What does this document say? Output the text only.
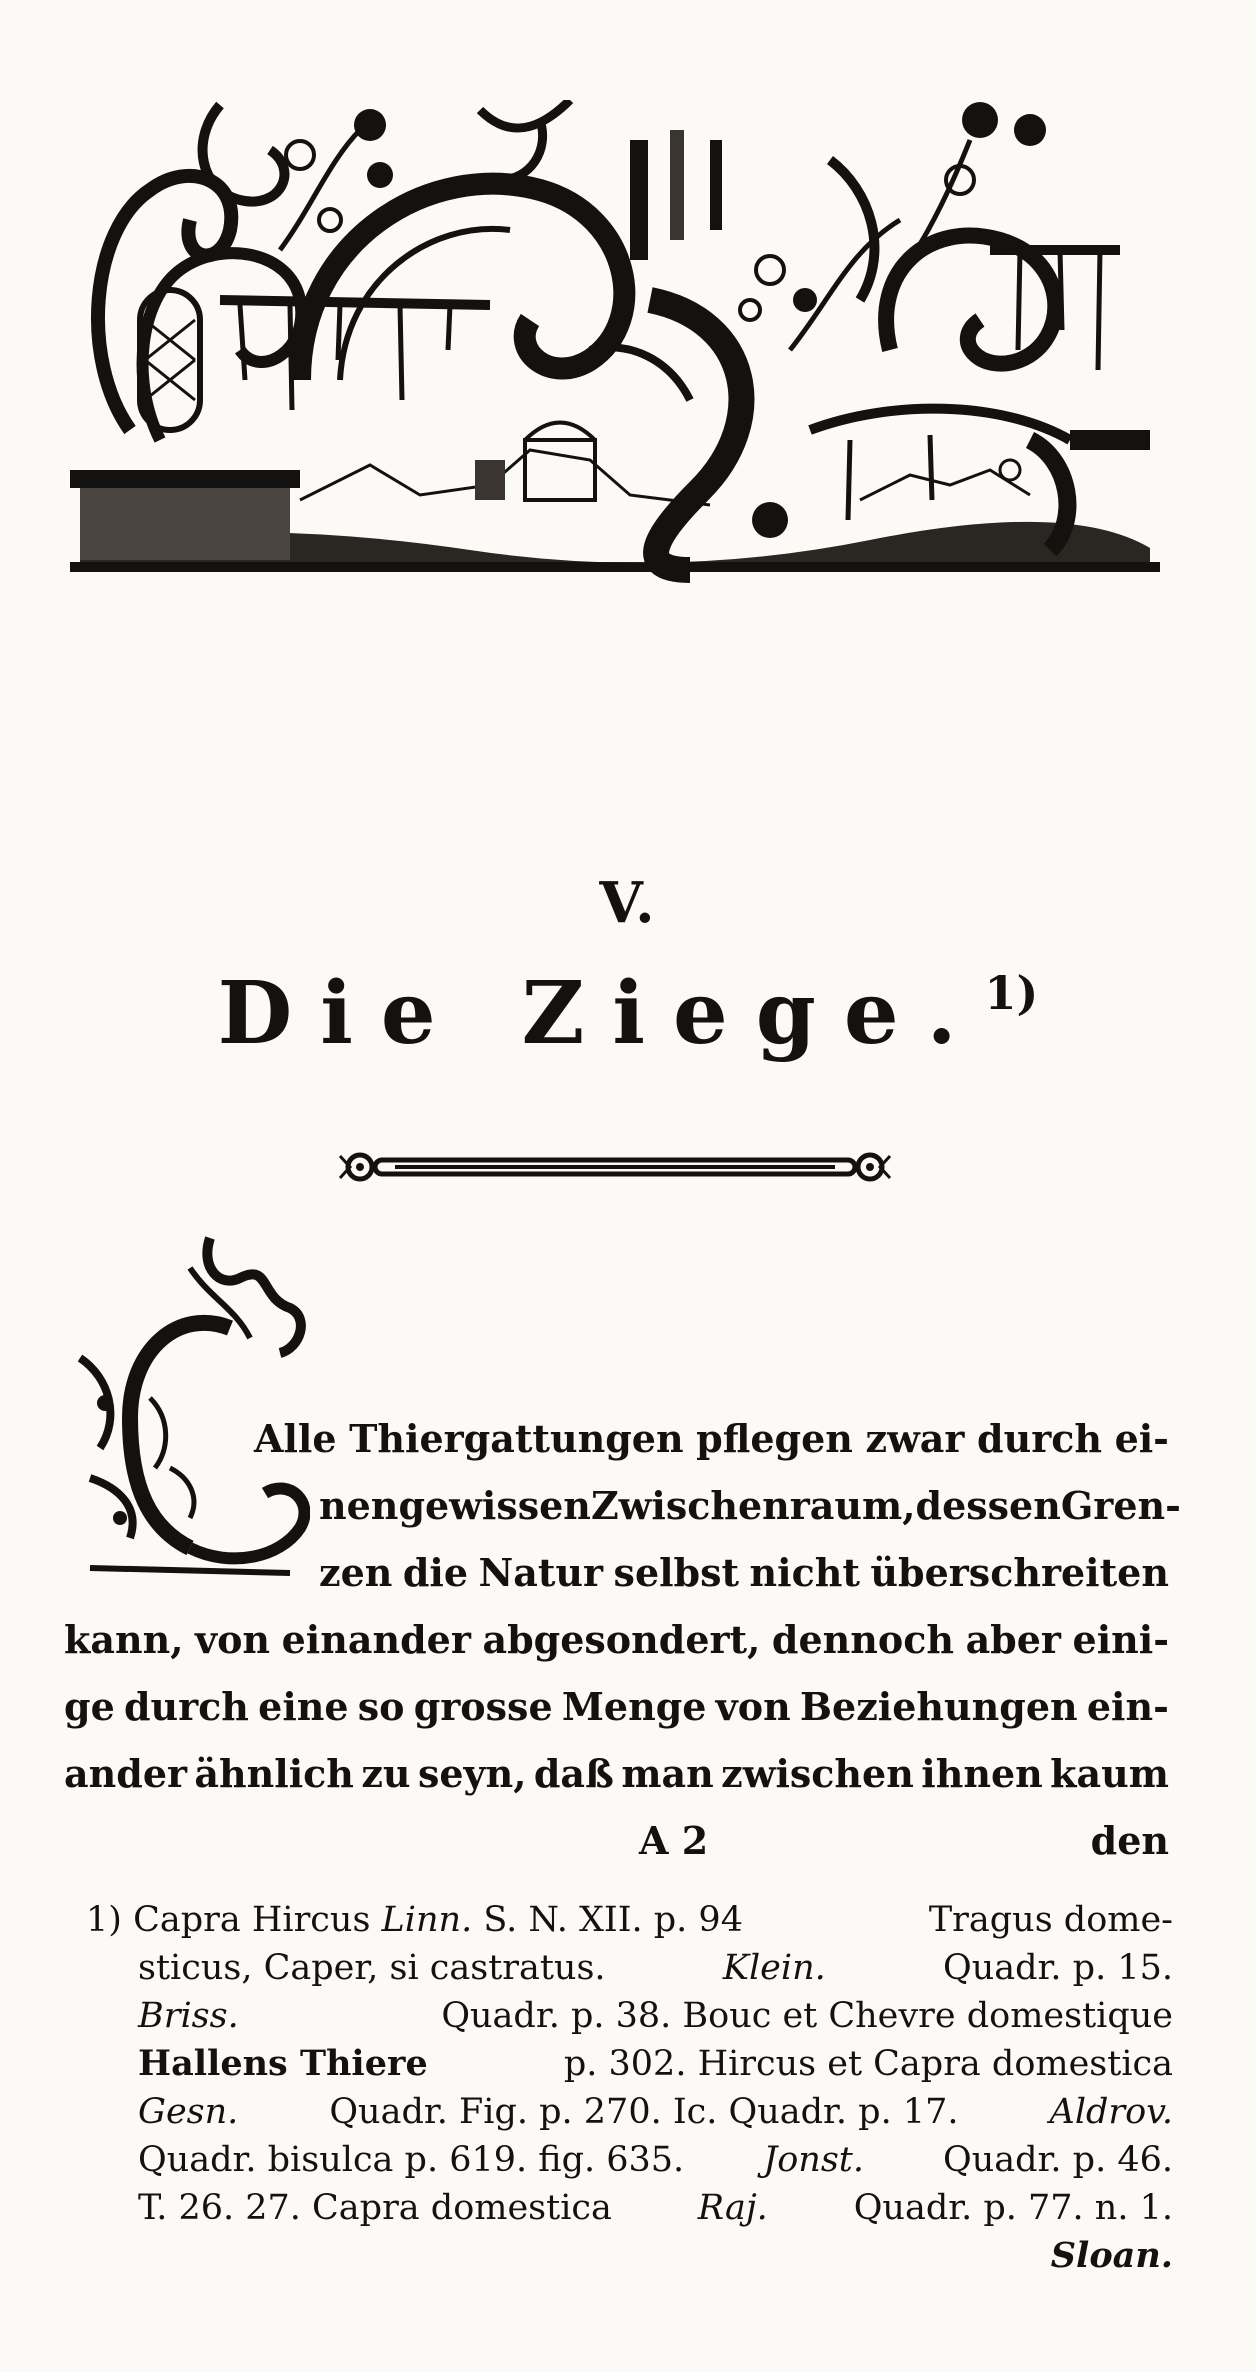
V.
Die Ziege.$^{1)}$
Alle Thiergattungen pflegen zwar durch ei-
nen gewissen Zwischenraum, dessen Gren-
zen die Natur selbst nicht überschreiten
kann, von einander abgesondert, dennoch aber eini-
ge durch eine so grosse Menge von Beziehungen ein-
ander ähnlich zu seyn, daß man zwischen ihnen kaum
A 2	den
1) Capra Hircus Linn. S. N. XII. p. 94	Tragus dome-
sticus, Caper, si castratus.	Klein.	Quadr. p. 15.
Briss.	Quadr. p. 38. Bouc et Chevre domestique
Hallens Thiere	p. 302. Hircus et Capra domestica
Gesn.	Quadr. Fig. p. 270. Ic. Quadr. p. 17.	Aldrov.
Quadr. bisulca p. 619. fig. 635. Jonst. Quadr. p. 46.
T. 26. 27. Capra domestica Raj. Quadr. p. 77. n. 1.
Sloan.
